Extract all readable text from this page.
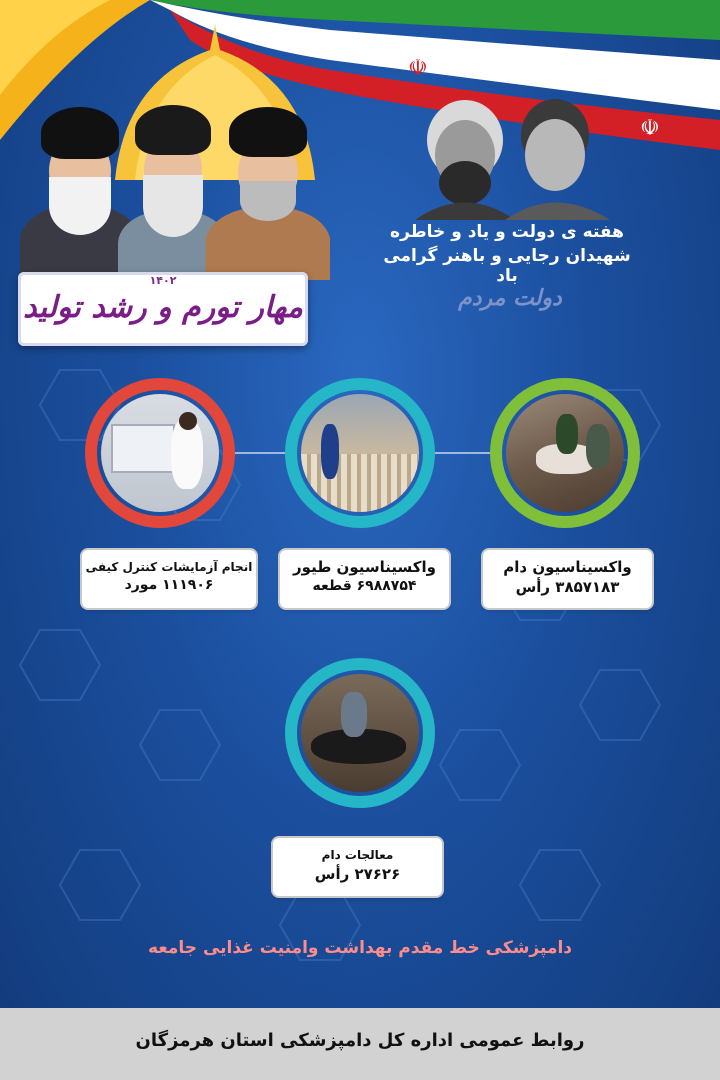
☫
☫
۱۴۰۲
مهار تورم و رشد تولید
هفته ی دولت و یاد و خاطره
شهیدان رجایی و باهنر گرامی باد
دولت مردم
واکسیناسیون دام
۳۸۵۷۱۸۳ رأس
واکسیناسیون طیور
۶۹۸۸۷۵۴ قطعه
انجام آزمایشات کنترل کیفی
۱۱۱۹۰۶ مورد
معالجات دام
۲۷۶۲۶ رأس
دامپزشکی خط مقدم بهداشت وامنیت غذایی جامعه
روابط عمومی اداره کل دامپزشکی استان هرمزگان
